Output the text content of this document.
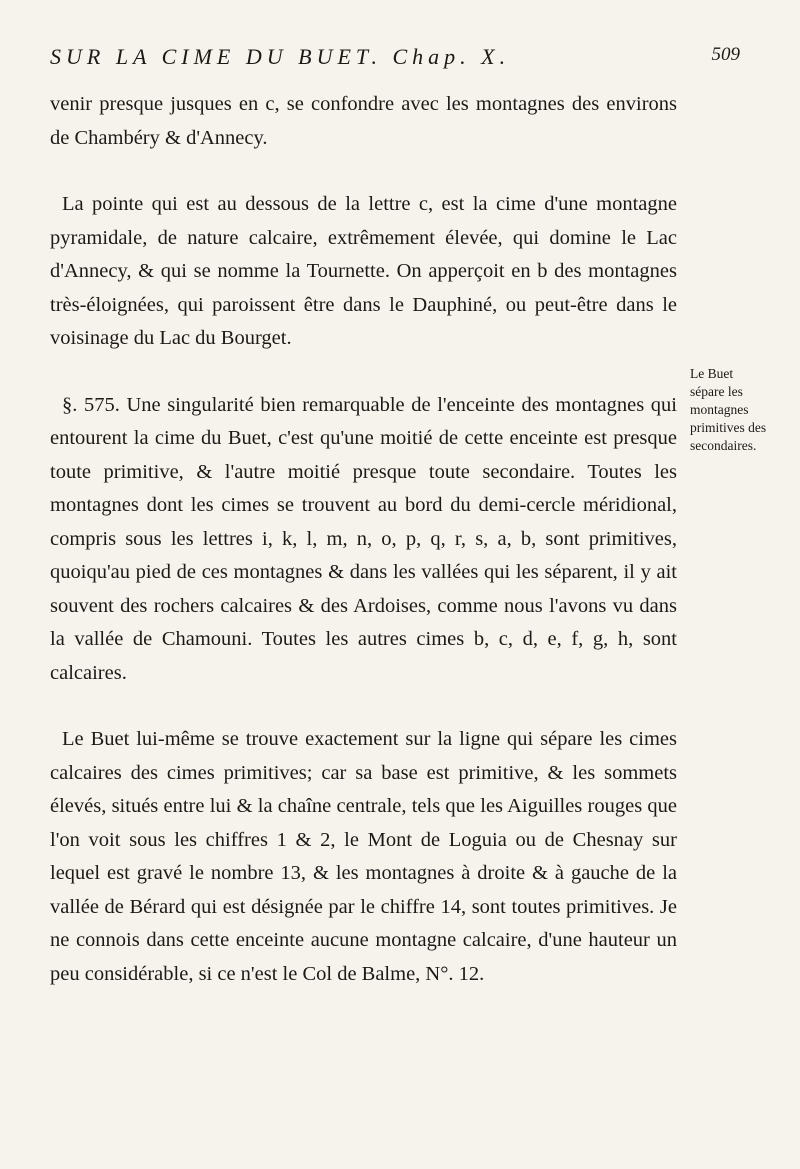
SUR LA CIME DU BUET. Chap. X.	509

venir presque jusques en c, se confondre avec les montagnes des environs de Chambéry & d'Annecy.

La pointe qui est au dessous de la lettre c, est la cime d'une montagne pyramidale, de nature calcaire, extrêmement élevée, qui domine le Lac d'Annecy, & qui se nomme la Tournette. On apperçoit en b des montagnes très-éloignées, qui paroissent être dans le Dauphiné, ou peut-être dans le voisinage du Lac du Bourget.

§. 575. Une singularité bien remarquable de l'enceinte des montagnes qui entourent la cime du Buet, c'est qu'une moitié de cette enceinte est presque toute primitive, & l'autre moitié presque toute secondaire. Toutes les montagnes dont les cimes se trouvent au bord du demi-cercle méridional, compris sous les lettres i, k, l, m, n, o, p, q, r, s, a, b, sont primitives, quoiqu'au pied de ces montagnes & dans les vallées qui les séparent, il y ait souvent des rochers calcaires & des Ardoises, comme nous l'avons vu dans la vallée de Chamouni. Toutes les autres cimes b, c, d, e, f, g, h, sont calcaires.

Le Buet lui-même se trouve exactement sur la ligne qui sépare les cimes calcaires des cimes primitives; car sa base est primitive, & les sommets élevés, situés entre lui & la chaîne centrale, tels que les Aiguilles rouges que l'on voit sous les chiffres 1 & 2, le Mont de Loguia ou de Chesnay sur lequel est gravé le nombre 13, & les montagnes à droite & à gauche de la vallée de Bérard qui est désignée par le chiffre 14, sont toutes primitives. Je ne connois dans cette enceinte aucune montagne calcaire, d'une hauteur un peu considérable, si ce n'est le Col de Balme, N°. 12.

Le Buet sépare les montagnes primitives des secondaires.
